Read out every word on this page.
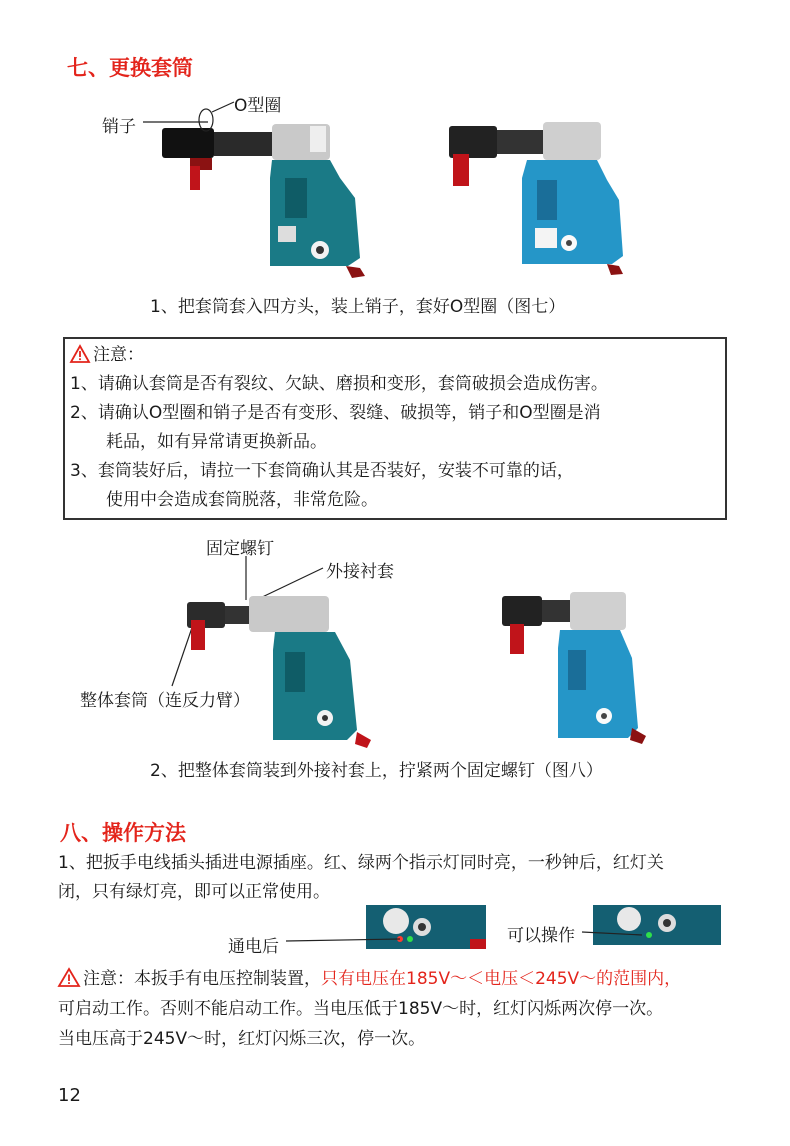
七、更换套筒
销子
O型圈
1、把套筒套入四方头，装上销子，套好O型圈（图七）
注意：
1、请确认套筒是否有裂纹、欠缺、磨损和变形，套筒破损会造成伤害。
2、请确认O型圈和销子是否有变形、裂缝、破损等，销子和O型圈是消
耗品，如有异常请更换新品。
3、套筒装好后，请拉一下套筒确认其是否装好，安装不可靠的话，
使用中会造成套筒脱落，非常危险。
固定螺钉
外接衬套
整体套筒（连反力臂）
2、把整体套筒装到外接衬套上，拧紧两个固定螺钉（图八）
八、操作方法
1、把扳手电线插头插进电源插座。红、绿两个指示灯同时亮，一秒钟后，红灯关
闭，只有绿灯亮，即可以正常使用。
通电后
可以操作
注意：本扳手有电压控制装置，只有电压在185V～＜电压＜245V～的范围内，
可启动工作。否则不能启动工作。当电压低于185V～时，红灯闪烁两次停一次。
当电压高于245V～时，红灯闪烁三次，停一次。
12
